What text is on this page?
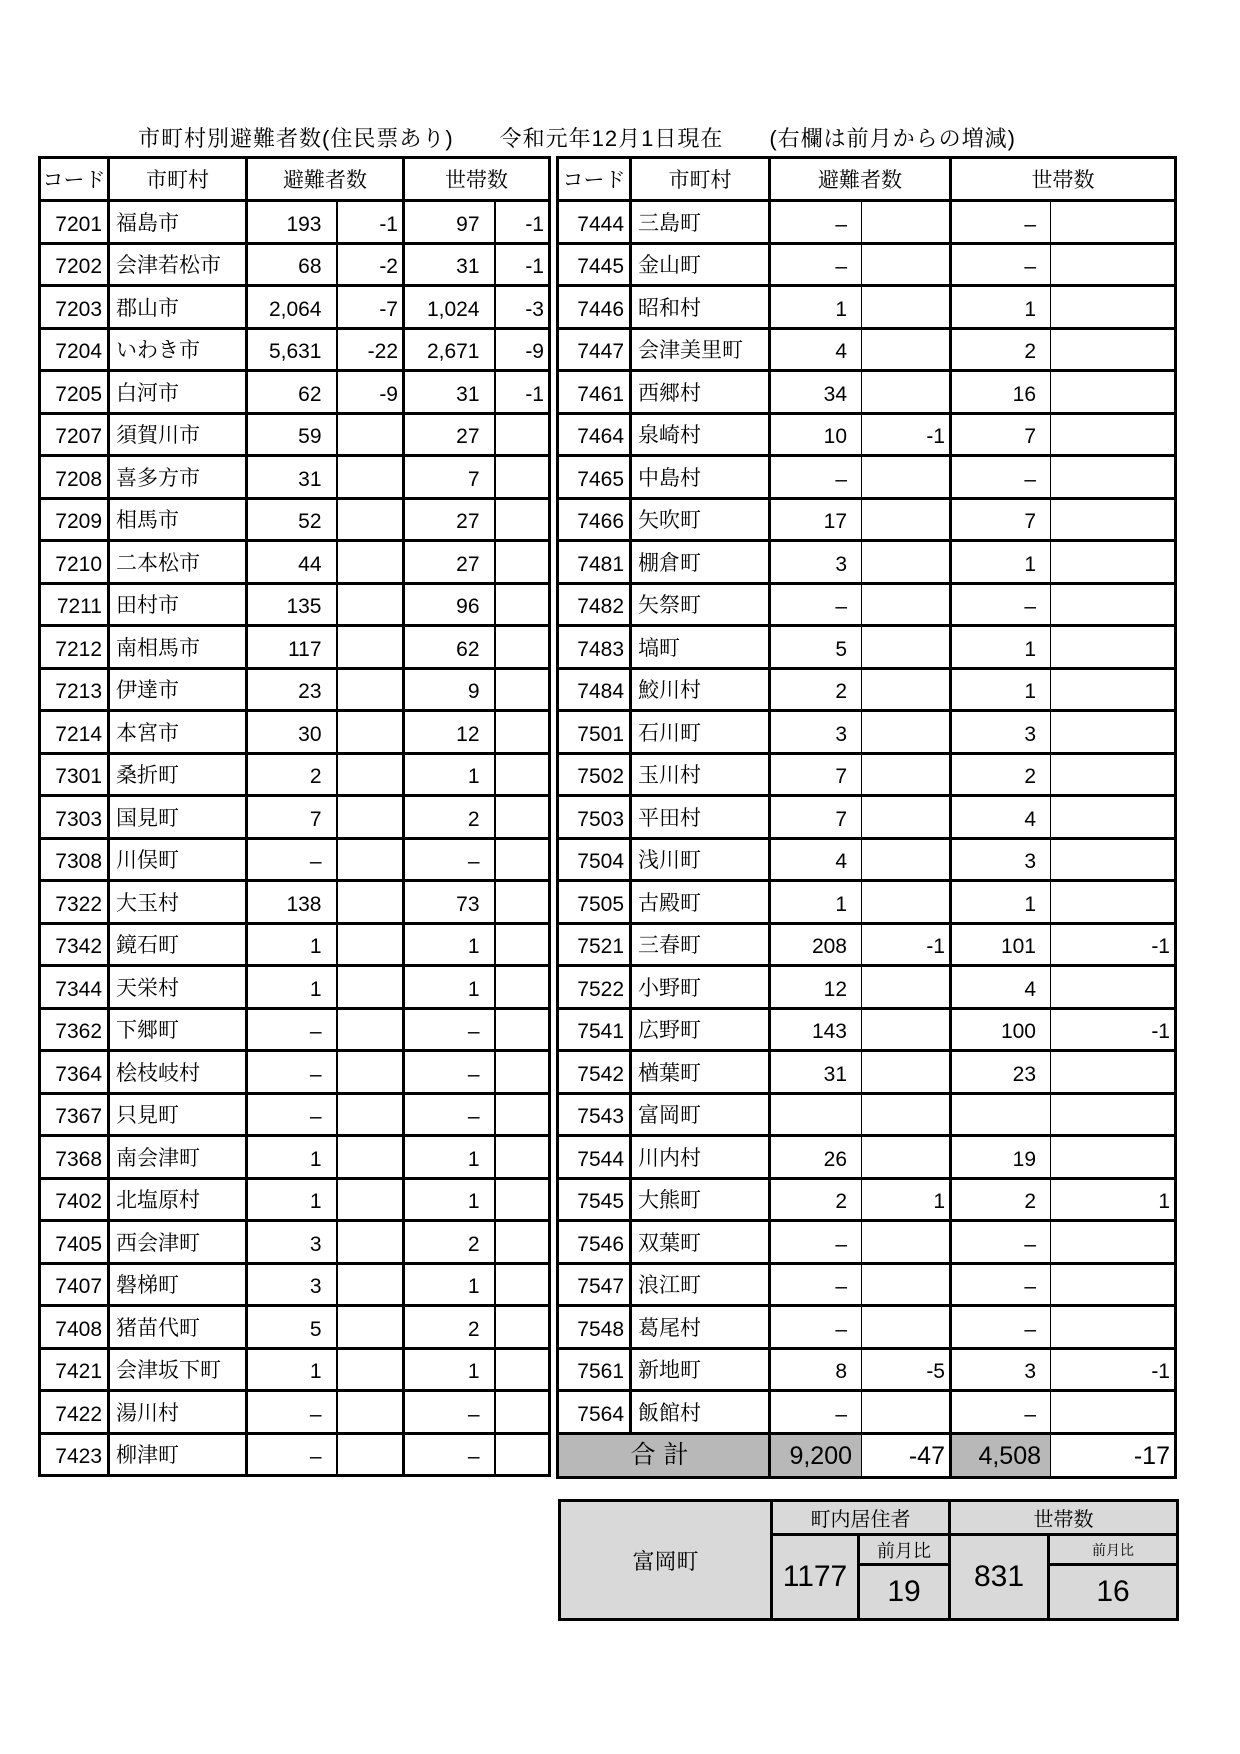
市町村別避難者数(住民票あり)　　令和元年12月1日現在　　(右欄は前月からの増減)
コード	市町村	避難者数		世帯数	
7201	福島市	193	-1	97	-1
7202	会津若松市	68	-2	31	-1
7203	郡山市	2,064	-7	1,024	-3
7204	いわき市	5,631	-22	2,671	-9
7205	白河市	62	-9	31	-1
7207	須賀川市	59		27	
7208	喜多方市	31		7	
7209	相馬市	52		27	
7210	二本松市	44		27	
7211	田村市	135		96	
7212	南相馬市	117		62	
7213	伊達市	23		9	
7214	本宮市	30		12	
7301	桑折町	2		1	
7303	国見町	7		2	
7308	川俣町	–		–	
7322	大玉村	138		73	
7342	鏡石町	1		1	
7344	天栄村	1		1	
7362	下郷町	–		–	
7364	桧枝岐村	–		–	
7367	只見町	–		–	
7368	南会津町	1		1	
7402	北塩原村	1		1	
7405	西会津町	3		2	
7407	磐梯町	3		1	
7408	猪苗代町	5		2	
7421	会津坂下町	1		1	
7422	湯川村	–		–	
7423	柳津町	–		–	
コード	市町村	避難者数		世帯数	
7444	三島町	–		–	
7445	金山町	–		–	
7446	昭和村	1		1	
7447	会津美里町	4		2	
7461	西郷村	34		16	
7464	泉崎村	10	-1	7	
7465	中島村	–		–	
7466	矢吹町	17		7	
7481	棚倉町	3		1	
7482	矢祭町	–		–	
7483	塙町	5		1	
7484	鮫川村	2		1	
7501	石川町	3		3	
7502	玉川村	7		2	
7503	平田村	7		4	
7504	浅川町	4		3	
7505	古殿町	1		1	
7521	三春町	208	-1	101	-1
7522	小野町	12		4	
7541	広野町	143		100	-1
7542	楢葉町	31		23	
7543	富岡町				
7544	川内村	26		19	
7545	大熊町	2	1	2	1
7546	双葉町	–		–	
7547	浪江町	–		–	
7548	葛尾村	–		–	
7561	新地町	8	-5	3	-1
7564	飯館村	–		–	
合計		9,200	-47	4,508	-17
富岡町	町内居住者		世帯数	
	1177	前月比	831	前月比
		19		16
